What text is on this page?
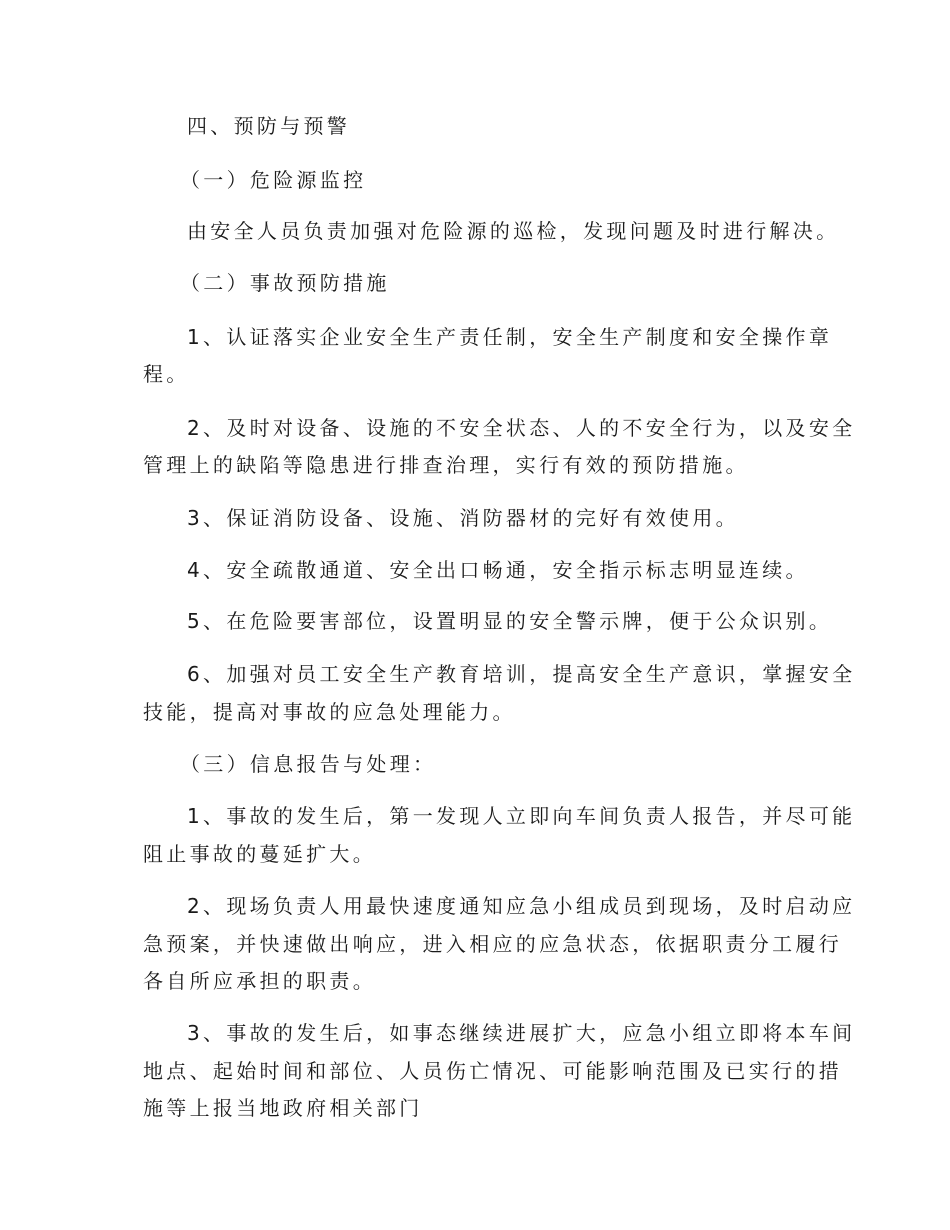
四、预防与预警
（一）危险源监控
由安全人员负责加强对危险源的巡检，发现问题及时进行解决。
（二）事故预防措施
1、认证落实企业安全生产责任制，安全生产制度和安全操作章
程。
2、及时对设备、设施的不安全状态、人的不安全行为，以及安全
管理上的缺陷等隐患进行排查治理，实行有效的预防措施。
3、保证消防设备、设施、消防器材的完好有效使用。
4、安全疏散通道、安全出口畅通，安全指示标志明显连续。
5、在危险要害部位，设置明显的安全警示牌，便于公众识别。
6、加强对员工安全生产教育培训，提高安全生产意识，掌握安全
技能，提高对事故的应急处理能力。
（三）信息报告与处理：
1、事故的发生后，第一发现人立即向车间负责人报告，并尽可能
阻止事故的蔓延扩大。
2、现场负责人用最快速度通知应急小组成员到现场，及时启动应
急预案，并快速做出响应，进入相应的应急状态，依据职责分工履行
各自所应承担的职责。
3、事故的发生后，如事态继续进展扩大，应急小组立即将本车间
地点、起始时间和部位、人员伤亡情况、可能影响范围及已实行的措
施等上报当地政府相关部门
